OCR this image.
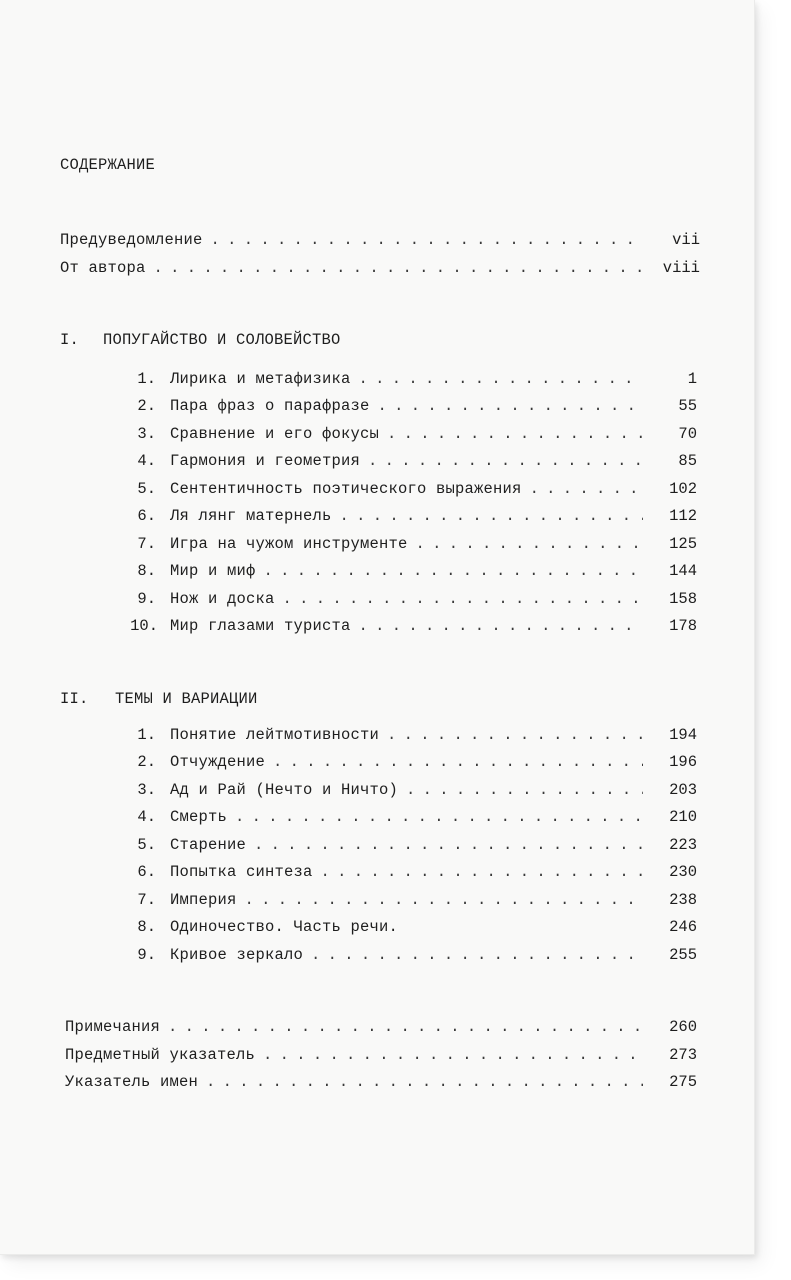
СОДЕРЖАНИЕ
Предуведомление . . .	vii
От автора . . .	viii
I. ПОПУГАЙСТВО И СОЛОВЕЙСТВО
1. Лирика и метафизика . . .	1
2. Пара фраз о парафразе . . .	55
3. Сравнение и его фокусы . . .	70
4. Гармония и геометрия . . .	85
5. Сентентичность поэтического выражения . . .	102
6. Ля лянг матернель . . .	112
7. Игра на чужом инструменте . . .	125
8. Мир и миф . . .	144
9. Нож и доска . . .	158
10. Мир глазами туриста . . .	178
II. ТЕМЫ И ВАРИАЦИИ
1. Понятие лейтмотивности . . .	194
2. Отчуждение . . .	196
3. Ад и Рай (Нечто и Ничто) . . .	203
4. Смерть . . .	210
5. Старение . . .	223
6. Попытка синтеза . . .	230
7. Империя . . .	238
8. Одиночество. Часть речи.	246
9. Кривое зеркало . . .	255
Примечания . . .	260
Предметный указатель . . .	273
Указатель имен . . .	275
